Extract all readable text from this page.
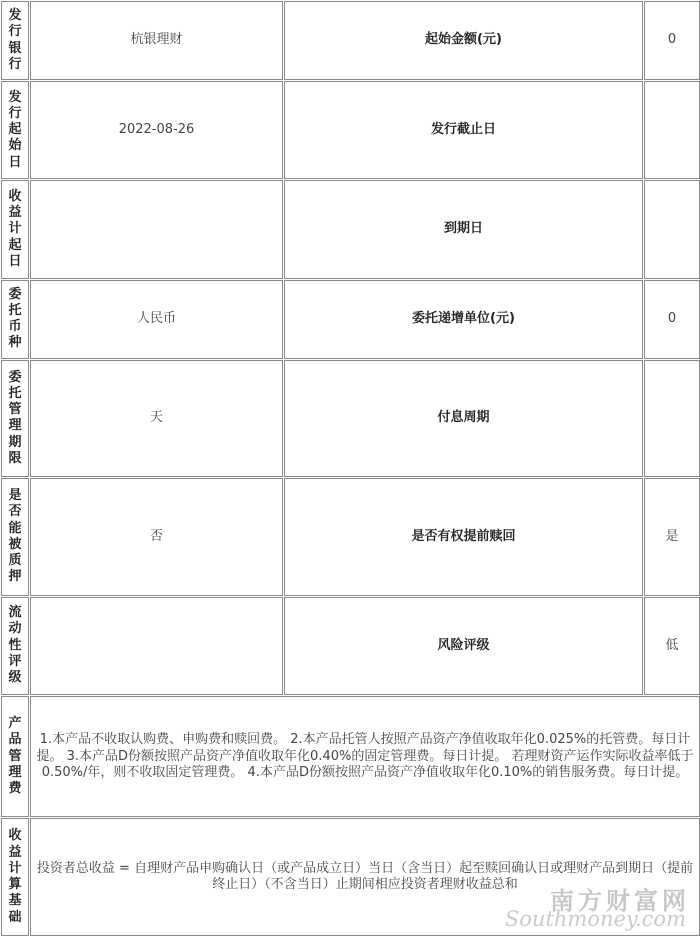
发行银行	杭银理财	起始金额(元)	0
发行起始日	2022-08-26	发行截止日	
收益计起日		到期日	
委托币种	人民币	委托递增单位(元)	0
委托管理期限	天	付息周期	
是否能被质押	否	是否有权提前赎回	是
流动性评级		风险评级	低
产品管理费	1.本产品不收取认购费、申购费和赎回费。 2.本产品托管人按照产品资产净值收取年化0.025%的托管费。每日计提。 3.本产品D份额按照产品资产净值收取年化0.40%的固定管理费。每日计提。 若理财资产运作实际收益率低于0.50%/年，则不收取固定管理费。 4.本产品D份额按照产品资产净值收取年化0.10%的销售服务费。每日计提。		
收益计算基础	投资者总收益 = 自理财产品申购确认日（或产品成立日）当日（含当日）起至赎回确认日或理财产品到期日（提前终止日）（不含当日）止期间相应投资者理财收益总和		
南方财富网
Southmoney.com
